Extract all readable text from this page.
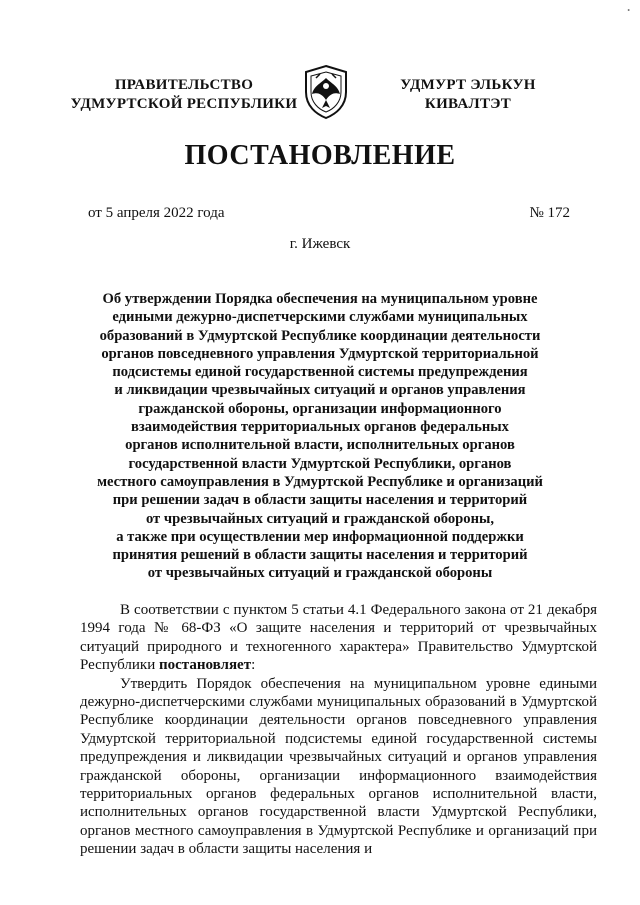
•
ПРАВИТЕЛЬСТВО
УДМУРТСКОЙ РЕСПУБЛИКИ
УДМУРТ ЭЛЬКУН
КИВАЛТЭТ
ПОСТАНОВЛЕНИЕ
от 5 апреля 2022 года	№ 172
г. Ижевск
Об утверждении Порядка обеспечения на муниципальном уровне
едиными дежурно-диспетчерскими службами муниципальных
образований в Удмуртской Республике координации деятельности
органов повседневного управления Удмуртской территориальной
подсистемы единой государственной системы предупреждения
и ликвидации чрезвычайных ситуаций и органов управления
гражданской обороны, организации информационного
взаимодействия территориальных органов федеральных
органов исполнительной власти, исполнительных органов
государственной власти Удмуртской Республики, органов
местного самоуправления в Удмуртской Республике и организаций
при решении задач в области защиты населения и территорий
от чрезвычайных ситуаций и гражданской обороны,
а также при осуществлении мер информационной поддержки
принятия решений в области защиты населения и территорий
от чрезвычайных ситуаций и гражданской обороны

В соответствии с пунктом 5 статьи 4.1 Федерального закона от 21 декабря 1994 года № 68-ФЗ «О защите населения и территорий от чрезвычайных ситуаций природного и техногенного характера» Правительство Удмуртской Республики постановляет:

Утвердить Порядок обеспечения на муниципальном уровне едиными дежурно-диспетчерскими службами муниципальных образований в Удмуртской Республике координации деятельности органов повседневного управления Удмуртской территориальной подсистемы единой государственной системы предупреждения и ликвидации чрезвычайных ситуаций и органов управления гражданской обороны, организации информационного взаимодействия территориальных органов федеральных органов исполнительной власти, исполнительных органов государственной власти Удмуртской Республики, органов местного самоуправления в Удмуртской Республике и организаций при решении задач в области защиты населения и
